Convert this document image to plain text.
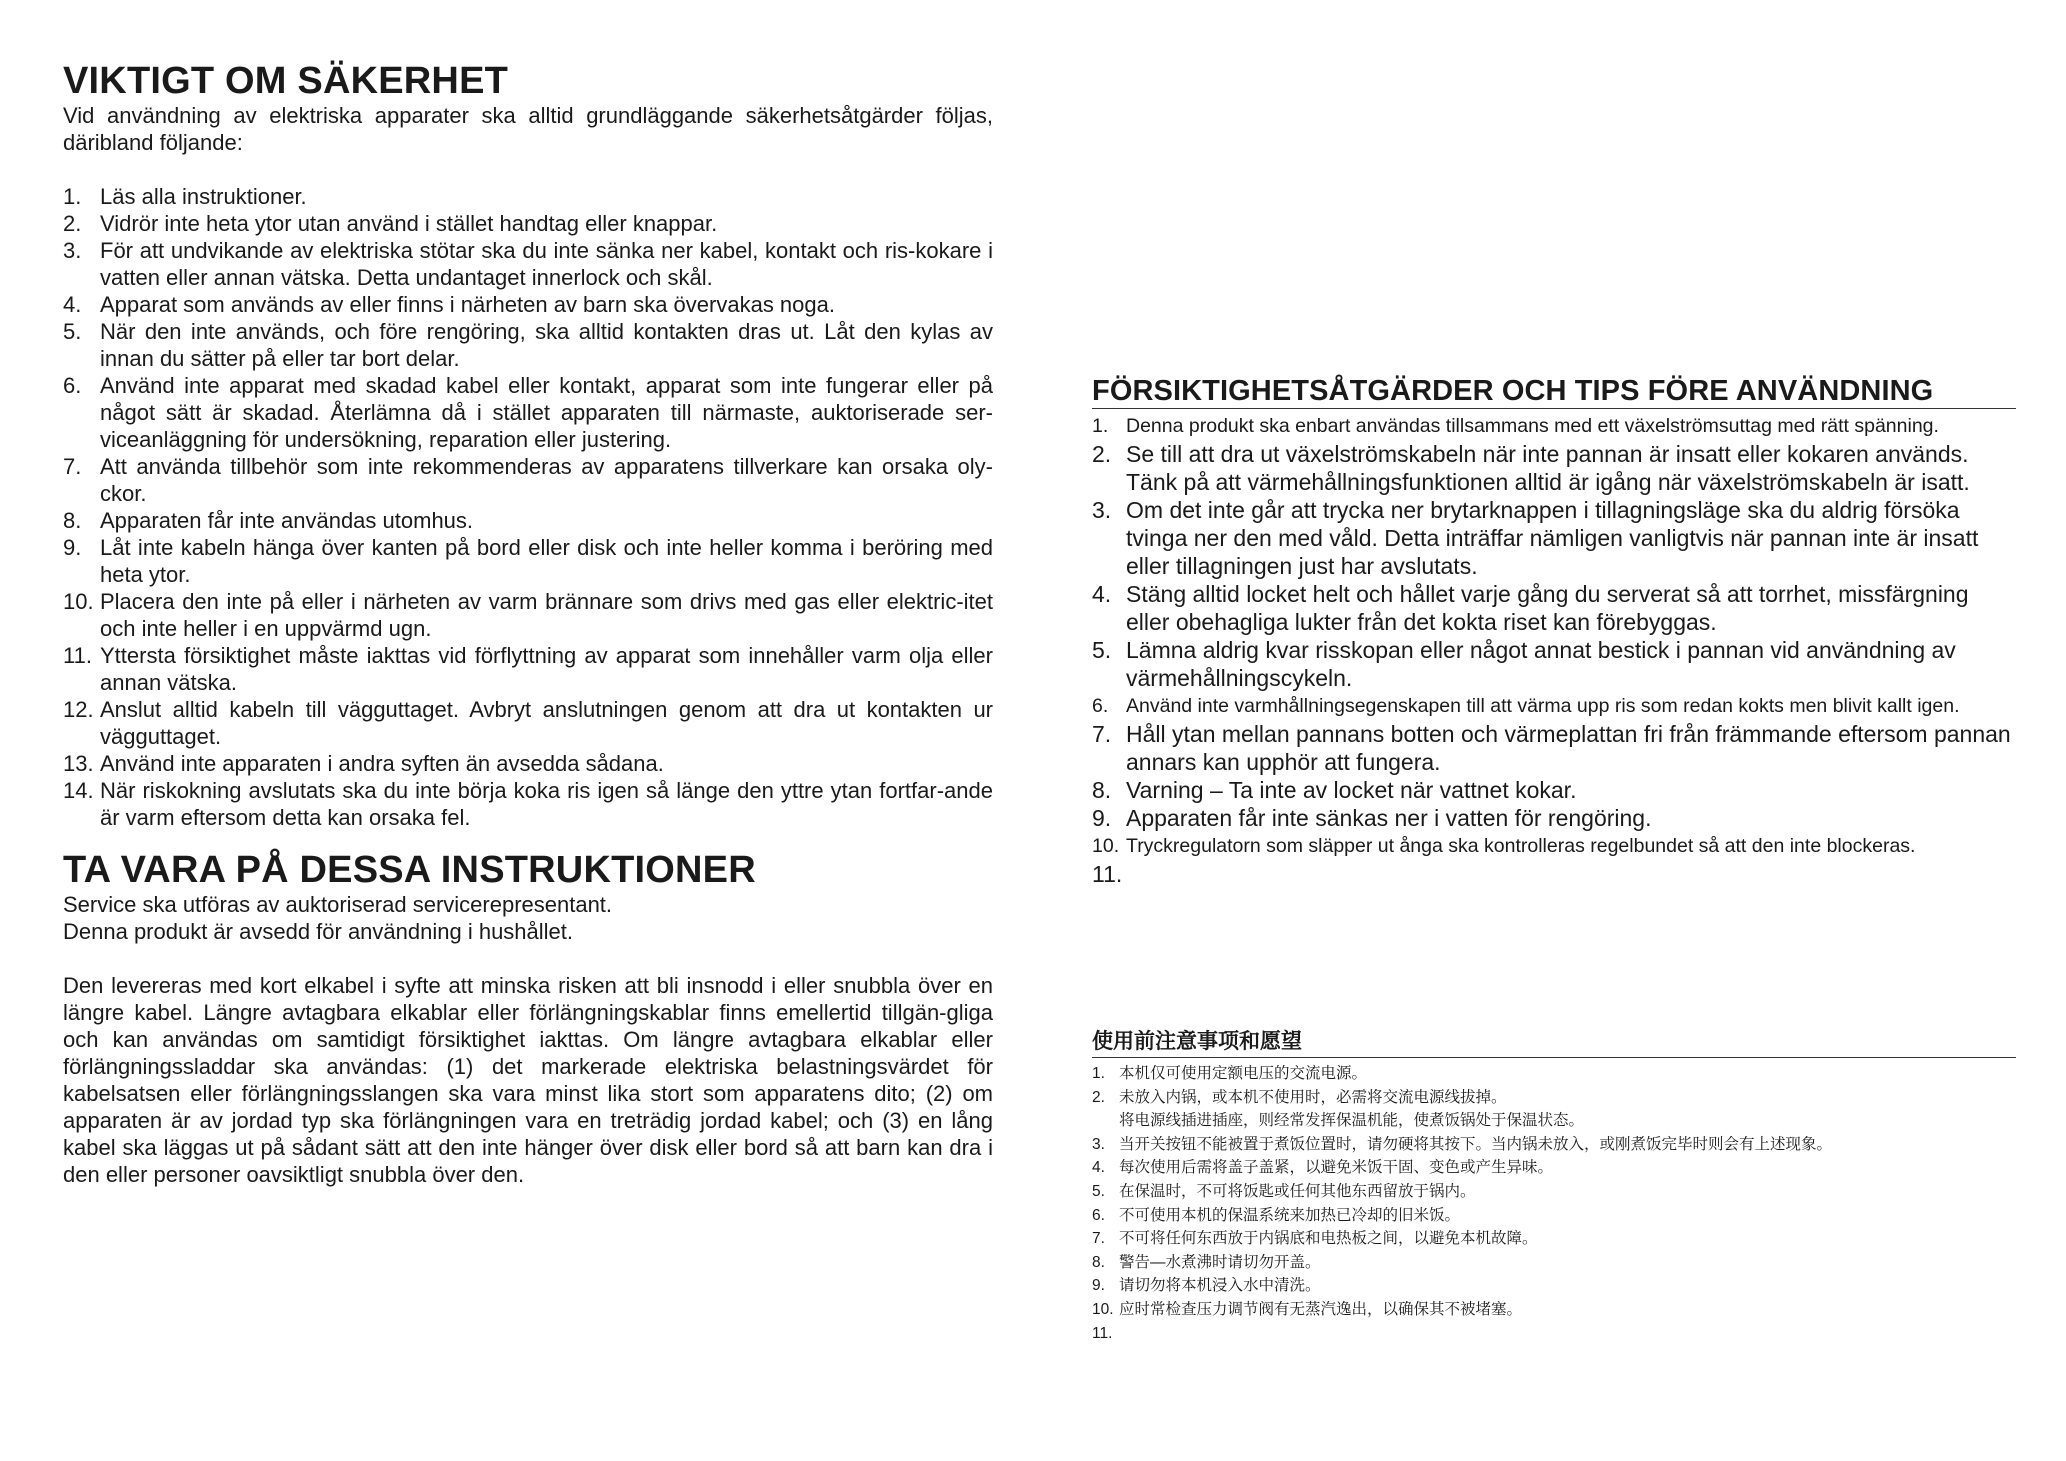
VIKTIGT OM SÄKERHET

Vid användning av elektriska apparater ska alltid grundläggande säkerhetsåtgärder följas, däribland följande:

1. Läs alla instruktioner.
2. Vidrör inte heta ytor utan använd i stället handtag eller knappar.
3. För att undvikande av elektriska stötar ska du inte sänka ner kabel, kontakt och ris-kokare i vatten eller annan vätska. Detta undantaget innerlock och skål.
4. Apparat som används av eller finns i närheten av barn ska övervakas noga.
5. När den inte används, och före rengöring, ska alltid kontakten dras ut. Låt den kylas av innan du sätter på eller tar bort delar.
6. Använd inte apparat med skadad kabel eller kontakt, apparat som inte fungerar eller på något sätt är skadad. Återlämna då i stället apparaten till närmaste, auktoriserade ser-viceanläggning för undersökning, reparation eller justering.
7. Att använda tillbehör som inte rekommenderas av apparatens tillverkare kan orsaka oly-ckor.
8. Apparaten får inte användas utomhus.
9. Låt inte kabeln hänga över kanten på bord eller disk och inte heller komma i beröring med heta ytor.
10. Placera den inte på eller i närheten av varm brännare som drivs med gas eller elektric-itet och inte heller i en uppvärmd ugn.
11. Yttersta försiktighet måste iakttas vid förflyttning av apparat som innehåller varm olja eller annan vätska.
12. Anslut alltid kabeln till vägguttaget. Avbryt anslutningen genom att dra ut kontakten ur vägguttaget.
13. Använd inte apparaten i andra syften än avsedda sådana.
14. När riskokning avslutats ska du inte börja koka ris igen så länge den yttre ytan fortfar-ande är varm eftersom detta kan orsaka fel.
TA VARA PÅ DESSA INSTRUKTIONER

Service ska utföras av auktoriserad servicerepresentant.

Denna produkt är avsedd för användning i hushållet.

Den levereras med kort elkabel i syfte att minska risken att bli insnodd i eller snubbla över en längre kabel. Längre avtagbara elkablar eller förlängningskablar finns emellertid tillgän-gliga och kan användas om samtidigt försiktighet iakttas. Om längre avtagbara elkablar eller förlängningssladdar ska användas: (1) det markerade elektriska belastningsvärdet för kabelsatsen eller förlängningsslangen ska vara minst lika stort som apparatens dito; (2) om apparaten är av jordad typ ska förlängningen vara en treträdig jordad kabel; och (3) en lång kabel ska läggas ut på sådant sätt att den inte hänger över disk eller bord så att barn kan dra i den eller personer oavsiktligt snubbla över den.

FÖRSIKTIGHETSÅTGÄRDER OCH TIPS FÖRE ANVÄNDNING
1. Denna produkt ska enbart användas tillsammans med ett växelströmsuttag med rätt spänning.
2. Se till att dra ut växelströmskabeln när inte pannan är insatt eller kokaren används. Tänk på att värmehållningsfunktionen alltid är igång när växelströmskabeln är isatt.
3. Om det inte går att trycka ner brytarknappen i tillagningsläge ska du aldrig försöka tvinga ner den med våld. Detta inträffar nämligen vanligtvis när pannan inte är insatt eller tillagningen just har avslutats.
4. Stäng alltid locket helt och hållet varje gång du serverat så att torrhet, missfärgning eller obehagliga lukter från det kokta riset kan förebyggas.
5. Lämna aldrig kvar risskopan eller något annat bestick i pannan vid användning av värmehållningscykeln.
6. Använd inte varmhållningsegenskapen till att värma upp ris som redan kokts men blivit kallt igen.
7. Håll ytan mellan pannans botten och värmeplattan fri från främmande eftersom pannan annars kan upphör att fungera.
8. Varning – Ta inte av locket när vattnet kokar.
9. Apparaten får inte sänkas ner i vatten för rengöring.
10. Tryckregulatorn som släpper ut ånga ska kontrolleras regelbundet så att den inte blockeras.
11.
使用前注意事项和愿望
1. 本机仅可使用定额电压的交流电源。
2. 未放入内锅，或本机不使用时，必需将交流电源线拔掉。
将电源线插进插座，则经常发挥保温机能，使煮饭锅处于保温状态。
3. 当开关按钮不能被置于煮饭位置时，请勿硬将其按下。当内锅未放入，或刚煮饭完毕时则会有上述现象。
4. 每次使用后需将盖子盖紧，以避免米饭干固、变色或产生异味。
5. 在保温时，不可将饭匙或任何其他东西留放于锅内。
6. 不可使用本机的保温系统来加热已冷却的旧米饭。
7. 不可将任何东西放于内锅底和电热板之间，以避免本机故障。
8. 警告—水煮沸时请切勿开盖。
9. 请切勿将本机浸入水中清洗。
10. 应时常检查压力调节阀有无蒸汽逸出，以确保其不被堵塞。
11.
